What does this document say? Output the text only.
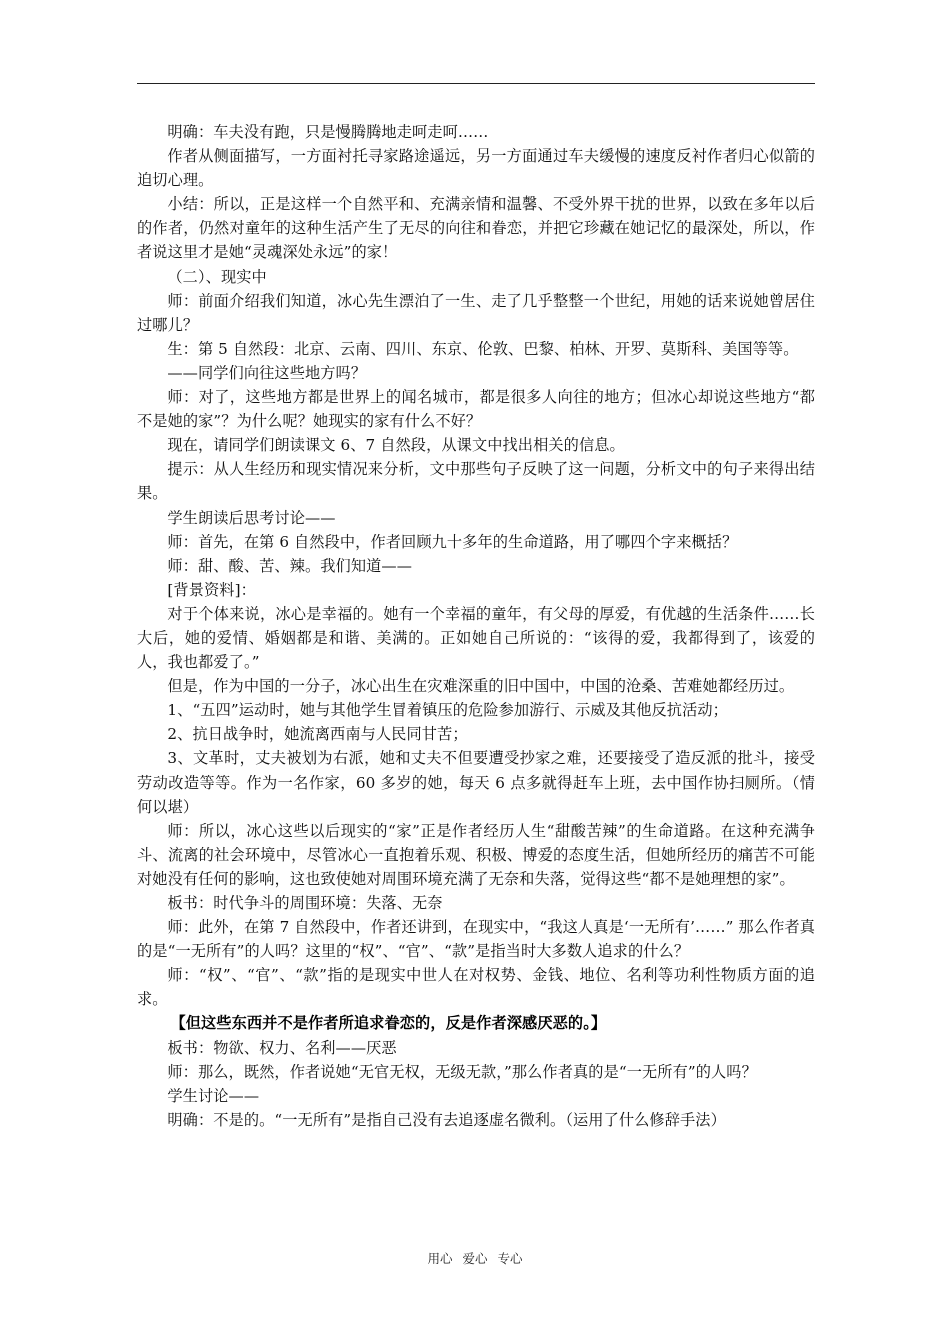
明确：车夫没有跑，只是慢腾腾地走呵走呵……

作者从侧面描写，一方面衬托寻家路途遥远，另一方面通过车夫缓慢的速度反衬作者归心似箭的迫切心理。

小结：所以，正是这样一个自然平和、充满亲情和温馨、不受外界干扰的世界，以致在多年以后的作者，仍然对童年的这种生活产生了无尽的向往和眷恋，并把它珍藏在她记忆的最深处，所以，作者说这里才是她“灵魂深处永远”的家！

（二）、现实中

师：前面介绍我们知道，冰心先生漂泊了一生、走了几乎整整一个世纪，用她的话来说她曾居住过哪儿？

生：第 5 自然段：北京、云南、四川、东京、伦敦、巴黎、柏林、开罗、莫斯科、美国等等。

——同学们向往这些地方吗？

师：对了，这些地方都是世界上的闻名城市，都是很多人向往的地方；但冰心却说这些地方“都不是她的家”？为什么呢？她现实的家有什么不好？

现在，请同学们朗读课文 6、7 自然段，从课文中找出相关的信息。

提示：从人生经历和现实情况来分析，文中那些句子反映了这一问题，分析文中的句子来得出结果。

学生朗读后思考讨论——

师：首先，在第 6 自然段中，作者回顾九十多年的生命道路，用了哪四个字来概括？

师：甜、酸、苦、辣。我们知道——

[背景资料]：

对于个体来说，冰心是幸福的。她有一个幸福的童年，有父母的厚爱，有优越的生活条件……长大后，她的爱情、婚姻都是和谐、美满的。正如她自己所说的：“该得的爱，我都得到了，该爱的人，我也都爱了。”

但是，作为中国的一分子，冰心出生在灾难深重的旧中国中，中国的沧桑、苦难她都经历过。

1、“五四”运动时，她与其他学生冒着镇压的危险参加游行、示威及其他反抗活动；

2、抗日战争时，她流离西南与人民同甘苦；

3、文革时，丈夫被划为右派，她和丈夫不但要遭受抄家之难，还要接受了造反派的批斗，接受劳动改造等等。作为一名作家，60 多岁的她，每天 6 点多就得赶车上班，去中国作协扫厕所。（情何以堪）

师：所以，冰心这些以后现实的“家”正是作者经历人生“甜酸苦辣”的生命道路。在这种充满争斗、流离的社会环境中，尽管冰心一直抱着乐观、积极、博爱的态度生活，但她所经历的痛苦不可能对她没有任何的影响，这也致使她对周围环境充满了无奈和失落，觉得这些“都不是她理想的家”。

板书：时代争斗的周围环境：失落、无奈

师：此外，在第 7 自然段中，作者还讲到，在现实中，“我这人真是‘一无所有’……” 那么作者真的是“一无所有”的人吗？这里的“权”、“官”、“款”是指当时大多数人追求的什么？

师：“权”、“官”、“款”指的是现实中世人在对权势、金钱、地位、名利等功利性物质方面的追求。

【但这些东西并不是作者所追求眷恋的，反是作者深感厌恶的。】

板书：物欲、权力、名利——厌恶

师：那么，既然，作者说她“无官无权，无级无款，”那么作者真的是“一无所有”的人吗？

学生讨论——

明确：不是的。“一无所有”是指自己没有去追逐虚名微利。（运用了什么修辞手法）

用心 爱心 专心
